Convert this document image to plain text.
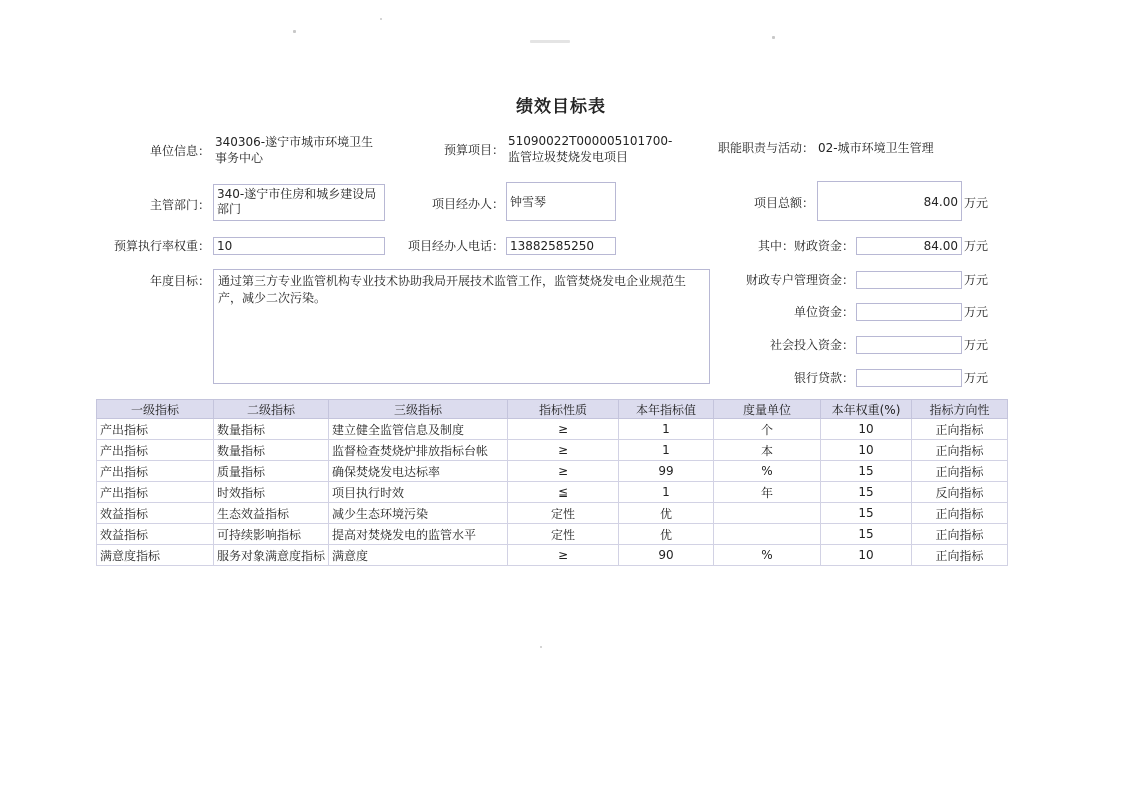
绩效目标表
单位信息：
340306-遂宁市城市环境卫生事务中心
预算项目：
51090022T000005101700-监管垃圾焚烧发电项目
职能职责与活动： 02-城市环境卫生管理
主管部门：
340-遂宁市住房和城乡建设局部门	项目经办人： 钟雪琴	项目总额：	84.00 万元
预算执行率权重： 10	项目经办人电话： 13882585250	其中：财政资金：	84.00 万元
年度目标： 通过第三方专业监管机构专业技术协助我局开展技术监管工作，监管焚烧发电企业规范生产，减少二次污染。
财政专户管理资金：	万元
单位资金：	万元
社会投入资金：	万元
银行贷款：	万元
一级指标	二级指标	三级指标	指标性质	本年指标值	度量单位	本年权重(%)	指标方向性
产出指标	数量指标	建立健全监管信息及制度	≥	1	个	10	正向指标
产出指标	数量指标	监督检查焚烧炉排放指标台帐	≥	1	本	10	正向指标
产出指标	质量指标	确保焚烧发电达标率	≥	99	%	15	正向指标
产出指标	时效指标	项目执行时效	≦	1	年	15	反向指标
效益指标	生态效益指标	减少生态环境污染	定性	优		15	正向指标
效益指标	可持续影响指标	提高对焚烧发电的监管水平	定性	优		15	正向指标
满意度指标	服务对象满意度指标	满意度	≥	90	%	10	正向指标
